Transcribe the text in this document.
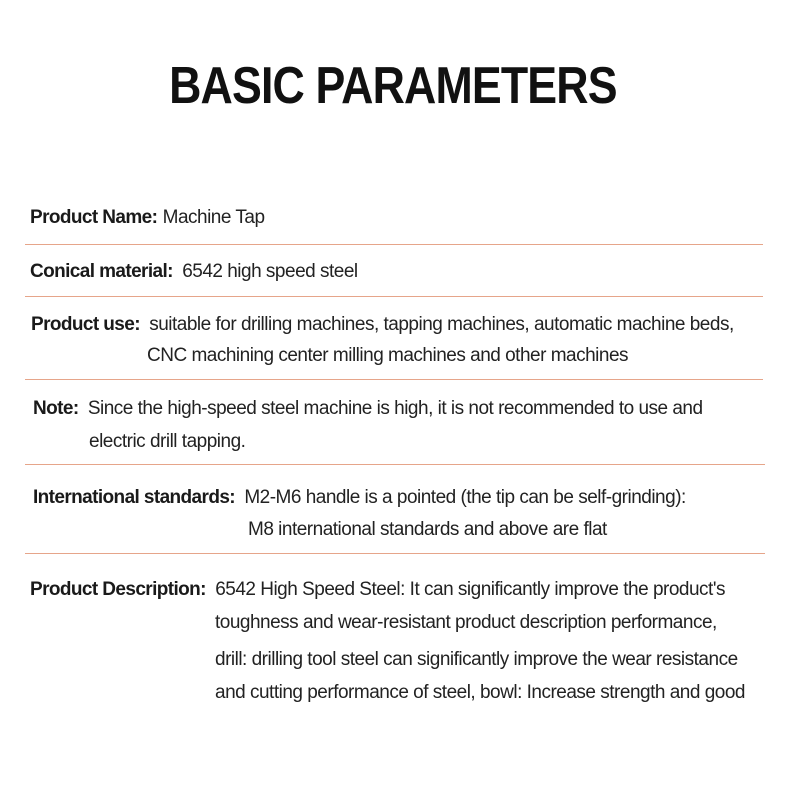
BASIC PARAMETERS
Product Name: Machine Tap
Conical material: 6542 high speed steel
Product use: suitable for drilling machines, tapping machines, automatic machine beds,
CNC machining center milling machines and other machines
Note: Since the high-speed steel machine is high, it is not recommended to use and
electric drill tapping.
International standards: M2-M6 handle is a pointed (the tip can be self-grinding):
M8 international standards and above are flat
Product Description: 6542 High Speed Steel: It can significantly improve the product's
toughness and wear-resistant product description performance,
drill: drilling tool steel can significantly improve the wear resistance
and cutting performance of steel, bowl: Increase strength and good
